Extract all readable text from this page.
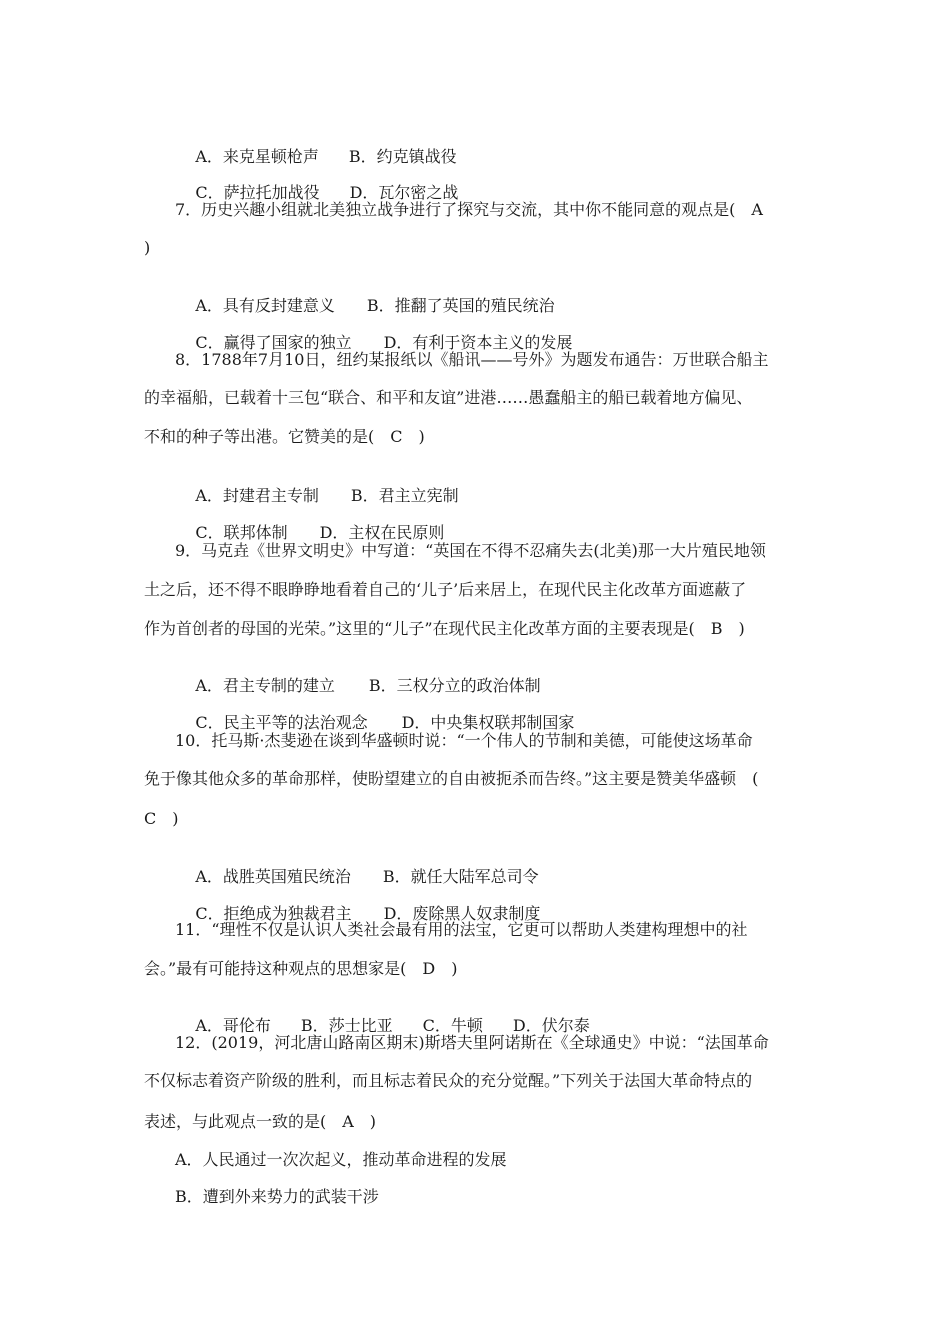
A．来克星顿枪声 B．约克镇战役

C．萨拉托加战役 D．瓦尔密之战

7．历史兴趣小组就北美独立战争进行了探究与交流，其中你不能同意的观点是(　A
)

A．具有反封建意义 B．推翻了英国的殖民统治

C．赢得了国家的独立 D．有利于资本主义的发展

8．1788年7月10日，纽约某报纸以《船讯——号外》为题发布通告：万世联合船主
的幸福船，已载着十三包“联合、和平和友谊”进港……愚蠢船主的船已载着地方偏见、
不和的种子等出港。它赞美的是(　C　)

A．封建君主专制 B．君主立宪制

C．联邦体制 D．主权在民原则

9．马克垚《世界文明史》中写道：“英国在不得不忍痛失去(北美)那一大片殖民地领
土之后，还不得不眼睁睁地看着自己的‘儿子’后来居上，在现代民主化改革方面遮蔽了
作为首创者的母国的光荣。”这里的“儿子”在现代民主化改革方面的主要表现是(　B　)

A．君主专制的建立 B．三权分立的政治体制

C．民主平等的法治观念 D．中央集权联邦制国家

10．托马斯·杰斐逊在谈到华盛顿时说：“一个伟人的节制和美德，可能使这场革命
免于像其他众多的革命那样，使盼望建立的自由被扼杀而告终。”这主要是赞美华盛顿　(
C　)

A．战胜英国殖民统治 B．就任大陆军总司令

C．拒绝成为独裁君主 D．废除黑人奴隶制度

11．“理性不仅是认识人类社会最有用的法宝，它更可以帮助人类建构理想中的社
会。”最有可能持这种观点的思想家是(　D　)

A．哥伦布 B．莎士比亚 C．牛顿 D．伏尔泰

12．(2019，河北唐山路南区期末)斯塔夫里阿诺斯在《全球通史》中说：“法国革命
不仅标志着资产阶级的胜利，而且标志着民众的充分觉醒。”下列关于法国大革命特点的
表述，与此观点一致的是(　A　)
A．人民通过一次次起义，推动革命进程的发展
B．遭到外来势力的武装干涉
